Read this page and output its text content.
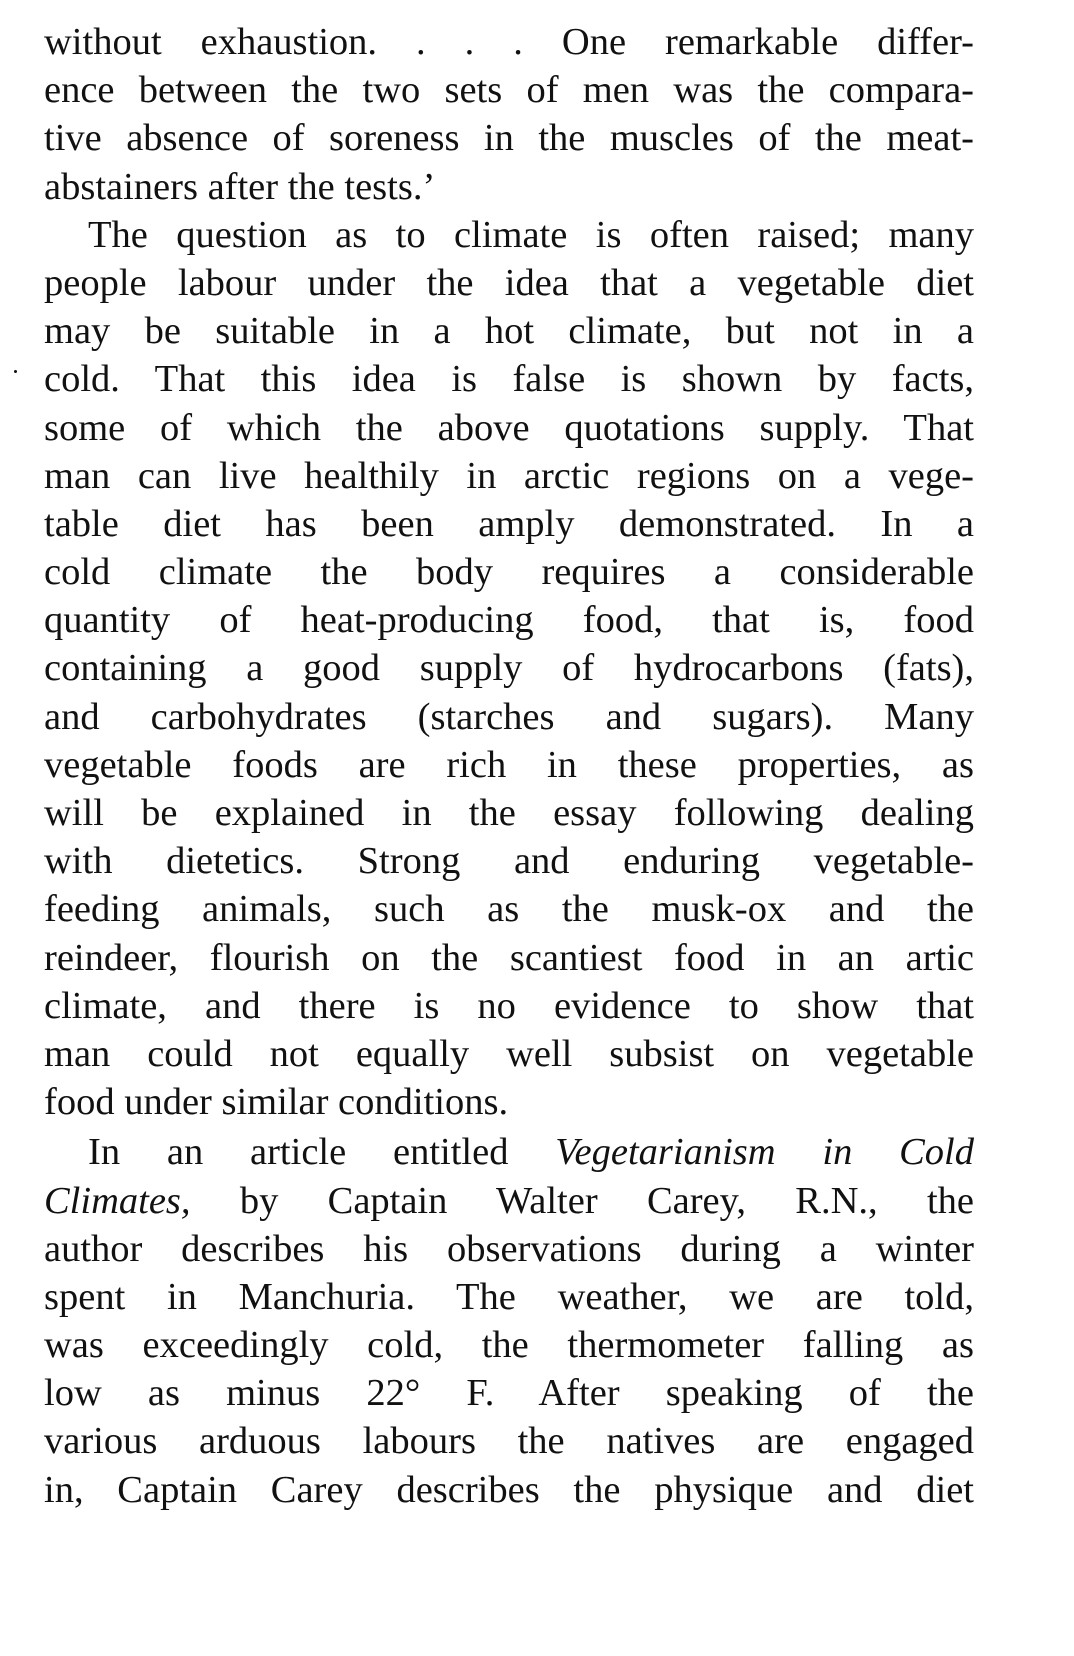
without exhaustion. . . . One remarkable differ-
ence between the two sets of men was the compara-
tive absence of soreness in the muscles of the meat-
abstainers after the tests.’
The question as to climate is often raised; many
people labour under the idea that a vegetable diet
may be suitable in a hot climate, but not in a
cold. That this idea is false is shown by facts,
some of which the above quotations supply. That
man can live healthily in arctic regions on a vege-
table diet has been amply demonstrated. In a
cold climate the body requires a considerable
quantity of heat-producing food, that is, food
containing a good supply of hydrocarbons (fats),
and carbohydrates (starches and sugars). Many
vegetable foods are rich in these properties, as
will be explained in the essay following dealing
with dietetics. Strong and enduring vegetable-
feeding animals, such as the musk-ox and the
reindeer, flourish on the scantiest food in an artic
climate, and there is no evidence to show that
man could not equally well subsist on vegetable
food under similar conditions.
In an article entitled Vegetarianism in Cold
Climates, by Captain Walter Carey, R.N., the
author describes his observations during a winter
spent in Manchuria. The weather, we are told,
was exceedingly cold, the thermometer falling as
low as minus 22° F. After speaking of the
various arduous labours the natives are engaged
in, Captain Carey describes the physique and diet
